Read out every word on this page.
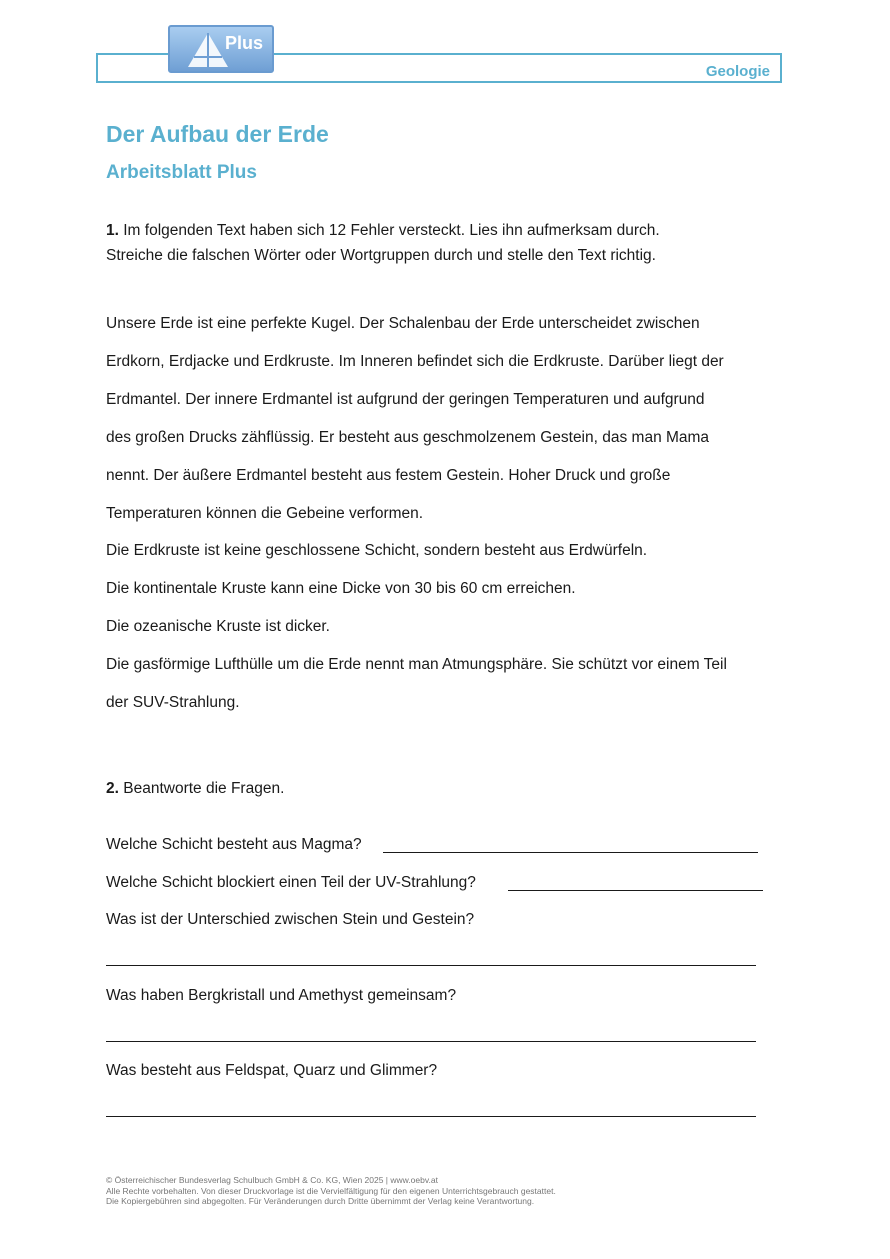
Geologie
Plus
Der Aufbau der Erde
Arbeitsblatt Plus
1. Im folgenden Text haben sich 12 Fehler versteckt. Lies ihn aufmerksam durch.
Streiche die falschen Wörter oder Wortgruppen durch und stelle den Text richtig.
Unsere Erde ist eine perfekte Kugel. Der Schalenbau der Erde unterscheidet zwischen
Erdkorn, Erdjacke und Erdkruste. Im Inneren befindet sich die Erdkruste. Darüber liegt der
Erdmantel. Der innere Erdmantel ist aufgrund der geringen Temperaturen und aufgrund
des großen Drucks zähflüssig. Er besteht aus geschmolzenem Gestein, das man Mama
nennt. Der äußere Erdmantel besteht aus festem Gestein. Hoher Druck und große
Temperaturen können die Gebeine verformen.
Die Erdkruste ist keine geschlossene Schicht, sondern besteht aus Erdwürfeln.
Die kontinentale Kruste kann eine Dicke von 30 bis 60 cm erreichen.
Die ozeanische Kruste ist dicker.
Die gasförmige Lufthülle um die Erde nennt man Atmungsphäre. Sie schützt vor einem Teil
der SUV-Strahlung.
2. Beantworte die Fragen.
Welche Schicht besteht aus Magma?
Welche Schicht blockiert einen Teil der UV-Strahlung?
Was ist der Unterschied zwischen Stein und Gestein?
Was haben Bergkristall und Amethyst gemeinsam?
Was besteht aus Feldspat, Quarz und Glimmer?
© Österreichischer Bundesverlag Schulbuch GmbH & Co. KG, Wien 2025 | www.oebv.at
Alle Rechte vorbehalten. Von dieser Druckvorlage ist die Vervielfältigung für den eigenen Unterrichtsgebrauch gestattet.
Die Kopiergebühren sind abgegolten. Für Veränderungen durch Dritte übernimmt der Verlag keine Verantwortung.
